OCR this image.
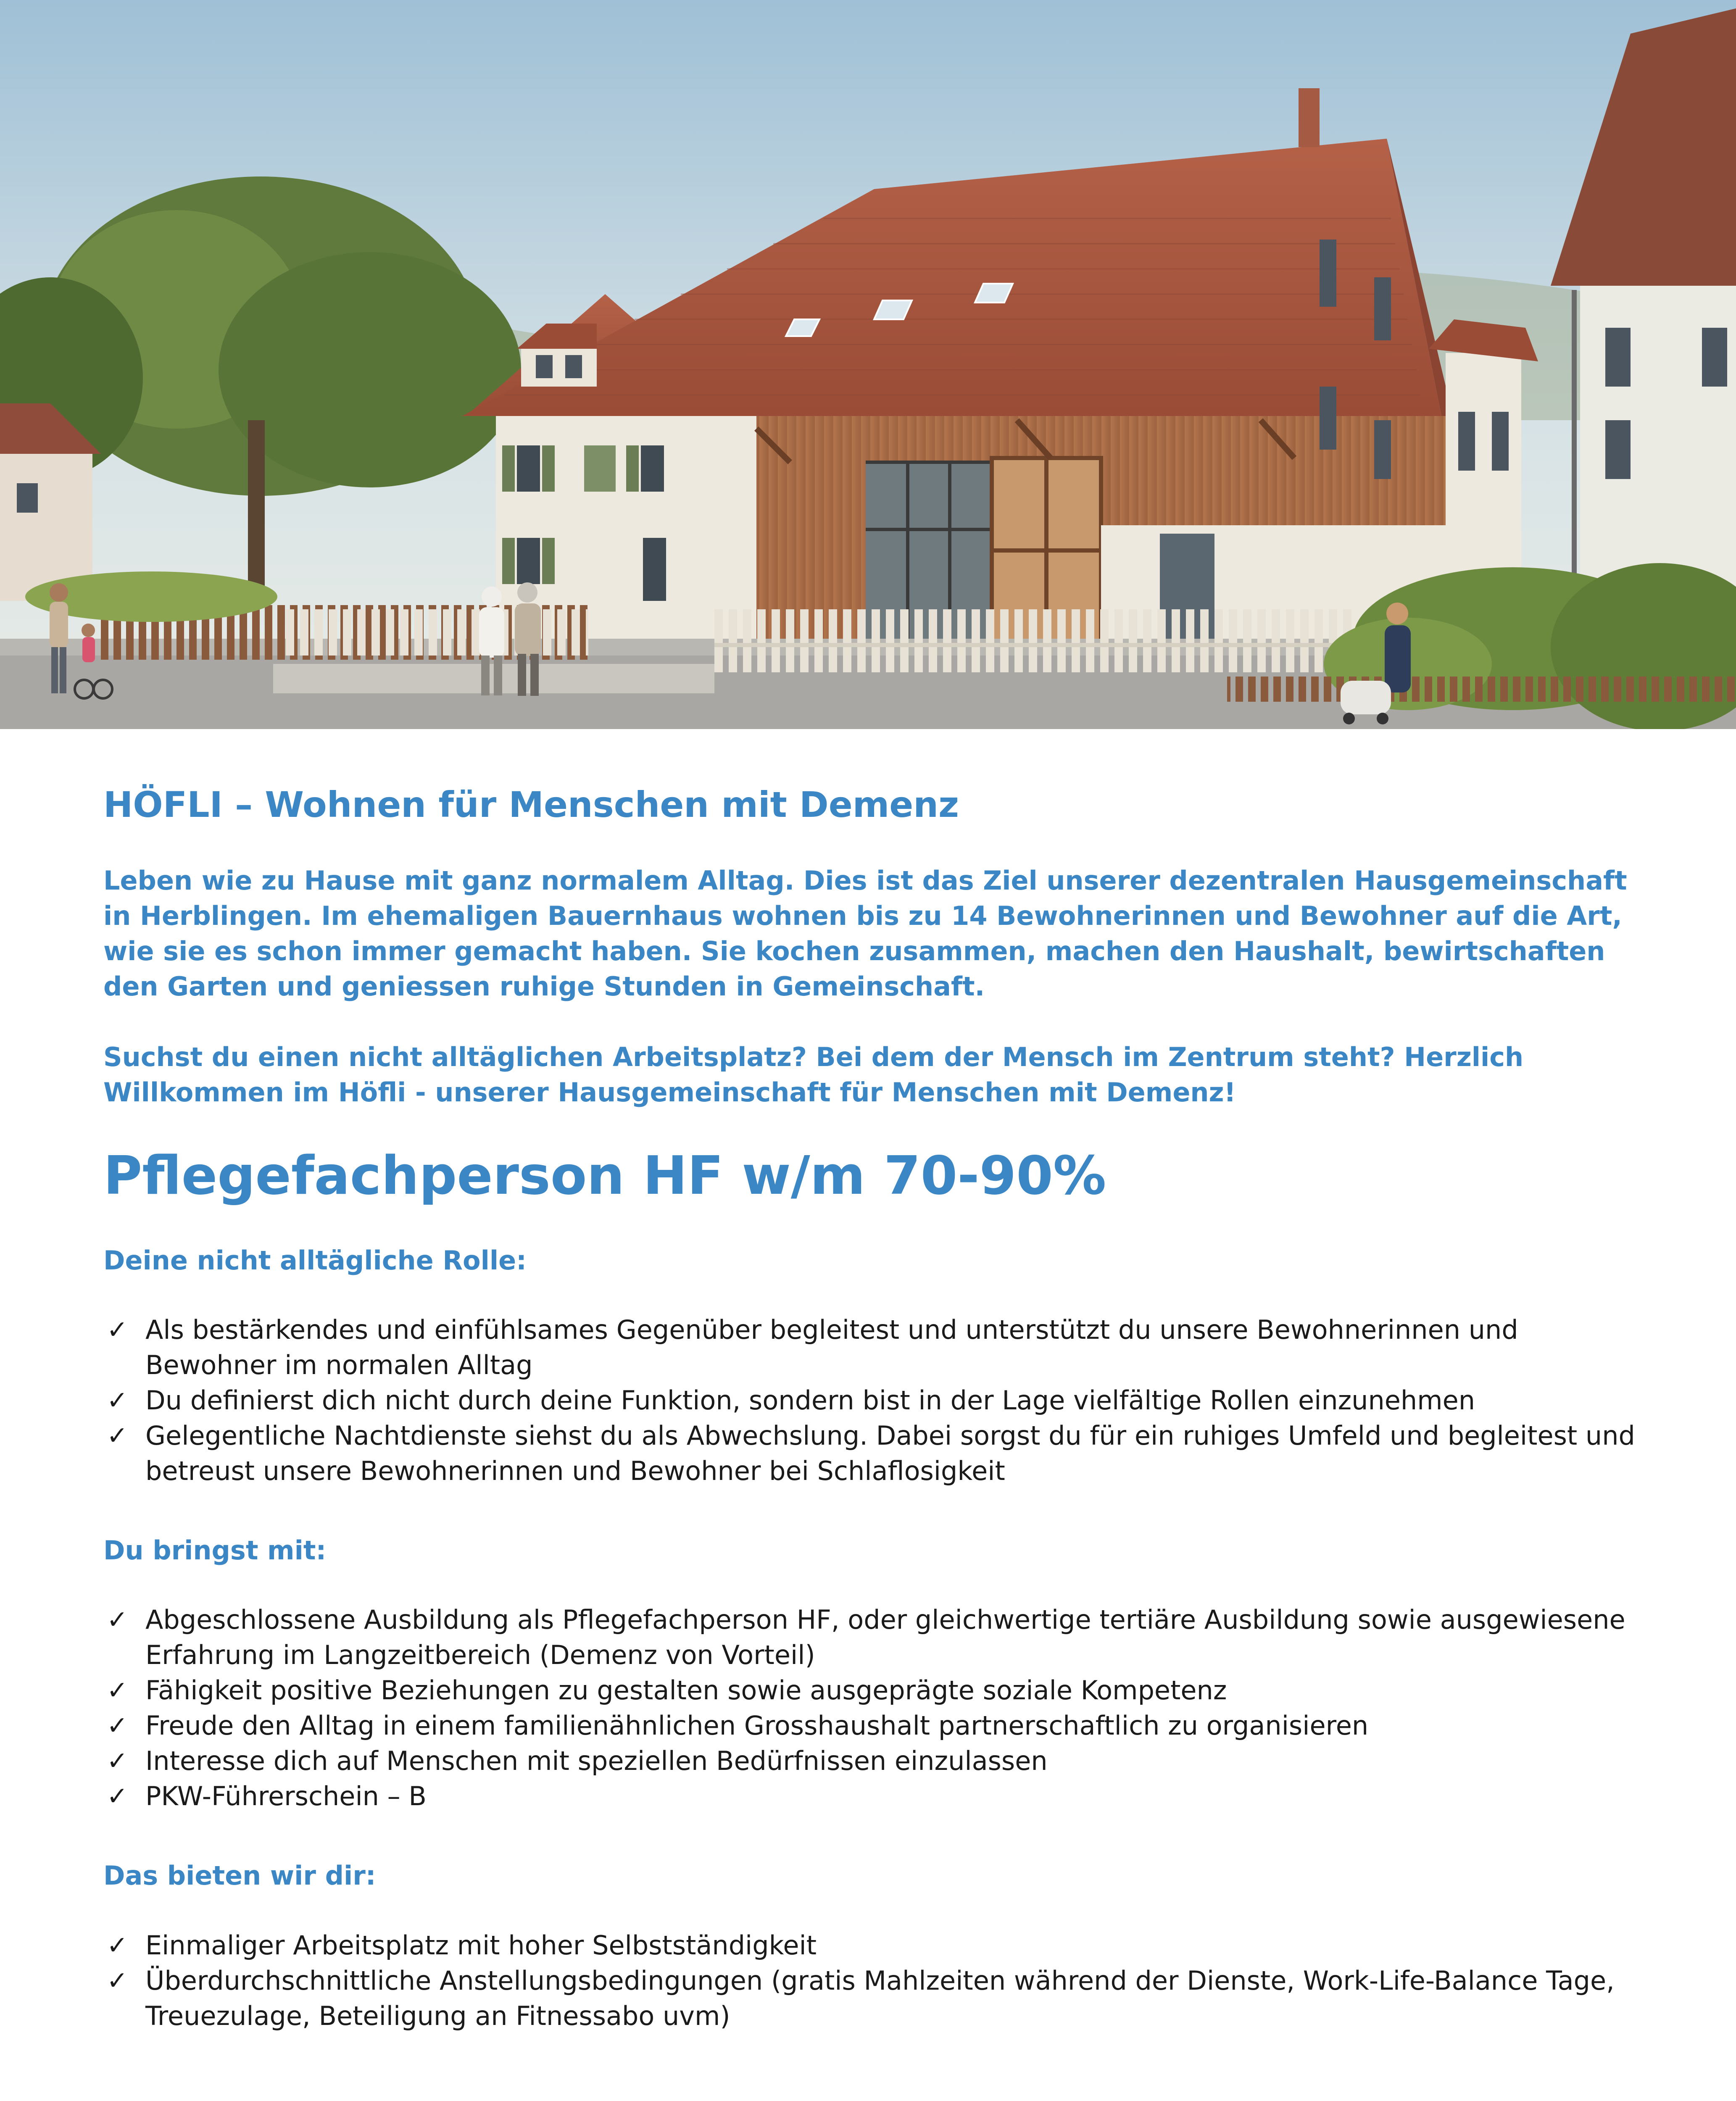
HÖFLI – Wohnen für Menschen mit Demenz

Leben wie zu Hause mit ganz normalem Alltag. Dies ist das Ziel unserer dezentralen Hausgemeinschaft in Herblingen. Im ehemaligen Bauernhaus wohnen bis zu 14 Bewohnerinnen und Bewohner auf die Art, wie sie es schon immer gemacht haben. Sie kochen zusammen, machen den Haushalt, bewirtschaften den Garten und geniessen ruhige Stunden in Gemeinschaft.

Suchst du einen nicht alltäglichen Arbeitsplatz? Bei dem der Mensch im Zentrum steht? Herzlich Willkommen im Höfli - unserer Hausgemeinschaft für Menschen mit Demenz!

Pflegefachperson HF w/m 70-90%
Deine nicht alltägliche Rolle:
✓ Als bestärkendes und einfühlsames Gegenüber begleitest und unterstützt du unsere Bewohnerinnen und Bewohner im normalen Alltag
✓ Du definierst dich nicht durch deine Funktion, sondern bist in der Lage vielfältige Rollen einzunehmen
✓ Gelegentliche Nachtdienste siehst du als Abwechslung. Dabei sorgst du für ein ruhiges Umfeld und begleitest und betreust unsere Bewohnerinnen und Bewohner bei Schlaflosigkeit
Du bringst mit:
✓ Abgeschlossene Ausbildung als Pflegefachperson HF, oder gleichwertige tertiäre Ausbildung sowie ausgewiesene Erfahrung im Langzeitbereich (Demenz von Vorteil)
✓ Fähigkeit positive Beziehungen zu gestalten sowie ausgeprägte soziale Kompetenz
✓ Freude den Alltag in einem familienähnlichen Grosshaushalt partnerschaftlich zu organisieren
✓ Interesse dich auf Menschen mit speziellen Bedürfnissen einzulassen
✓ PKW-Führerschein – B
Das bieten wir dir:
✓ Einmaliger Arbeitsplatz mit hoher Selbstständigkeit
✓ Überdurchschnittliche Anstellungsbedingungen (gratis Mahlzeiten während der Dienste, Work-Life-Balance Tage, Treuezulage, Beteiligung an Fitnessabo uvm)
